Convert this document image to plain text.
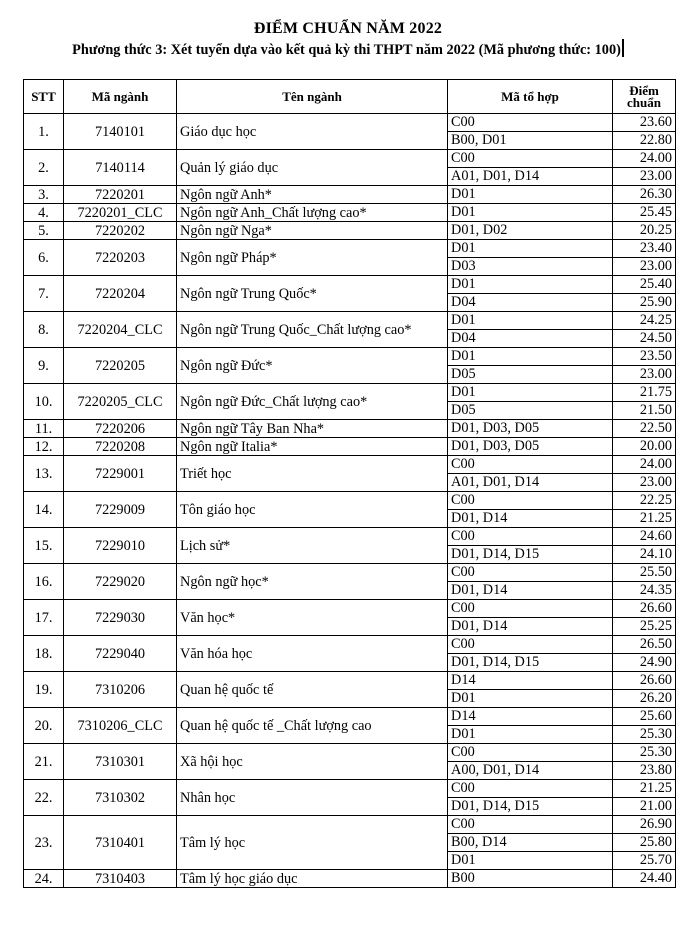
ĐIỂM CHUẨN NĂM 2022
Phương thức 3: Xét tuyển dựa vào kết quả kỳ thi THPT năm 2022 (Mã phương thức: 100)
STT	Mã ngành	Tên ngành	Mã tổ hợp	Điểm
chuẩn
1.	7140101	Giáo dục học	C00	23.60
			B00, D01	22.80
2.	7140114	Quản lý giáo dục	C00	24.00
			A01, D01, D14	23.00
3.	7220201	Ngôn ngữ Anh*	D01	26.30
4.	7220201_CLC	Ngôn ngữ Anh_Chất lượng cao*	D01	25.45
5.	7220202	Ngôn ngữ Nga*	D01, D02	20.25
6.	7220203	Ngôn ngữ Pháp*	D01	23.40
			D03	23.00
7.	7220204	Ngôn ngữ Trung Quốc*	D01	25.40
			D04	25.90
8.	7220204_CLC	Ngôn ngữ Trung Quốc_Chất lượng cao*	D01	24.25
			D04	24.50
9.	7220205	Ngôn ngữ Đức*	D01	23.50
			D05	23.00
10.	7220205_CLC	Ngôn ngữ Đức_Chất lượng cao*	D01	21.75
			D05	21.50
11.	7220206	Ngôn ngữ Tây Ban Nha*	D01, D03, D05	22.50
12.	7220208	Ngôn ngữ Italia*	D01, D03, D05	20.00
13.	7229001	Triết học	C00	24.00
			A01, D01, D14	23.00
14.	7229009	Tôn giáo học	C00	22.25
			D01, D14	21.25
15.	7229010	Lịch sử*	C00	24.60
			D01, D14, D15	24.10
16.	7229020	Ngôn ngữ học*	C00	25.50
			D01, D14	24.35
17.	7229030	Văn học*	C00	26.60
			D01, D14	25.25
18.	7229040	Văn hóa học	C00	26.50
			D01, D14, D15	24.90
19.	7310206	Quan hệ quốc tế	D14	26.60
			D01	26.20
20.	7310206_CLC	Quan hệ quốc tế _Chất lượng cao	D14	25.60
			D01	25.30
21.	7310301	Xã hội học	C00	25.30
			A00, D01, D14	23.80
22.	7310302	Nhân học	C00	21.25
			D01, D14, D15	21.00
23.	7310401	Tâm lý học	C00	26.90
			B00, D14	25.80
			D01	25.70
24.	7310403	Tâm lý học giáo dục	B00	24.40
